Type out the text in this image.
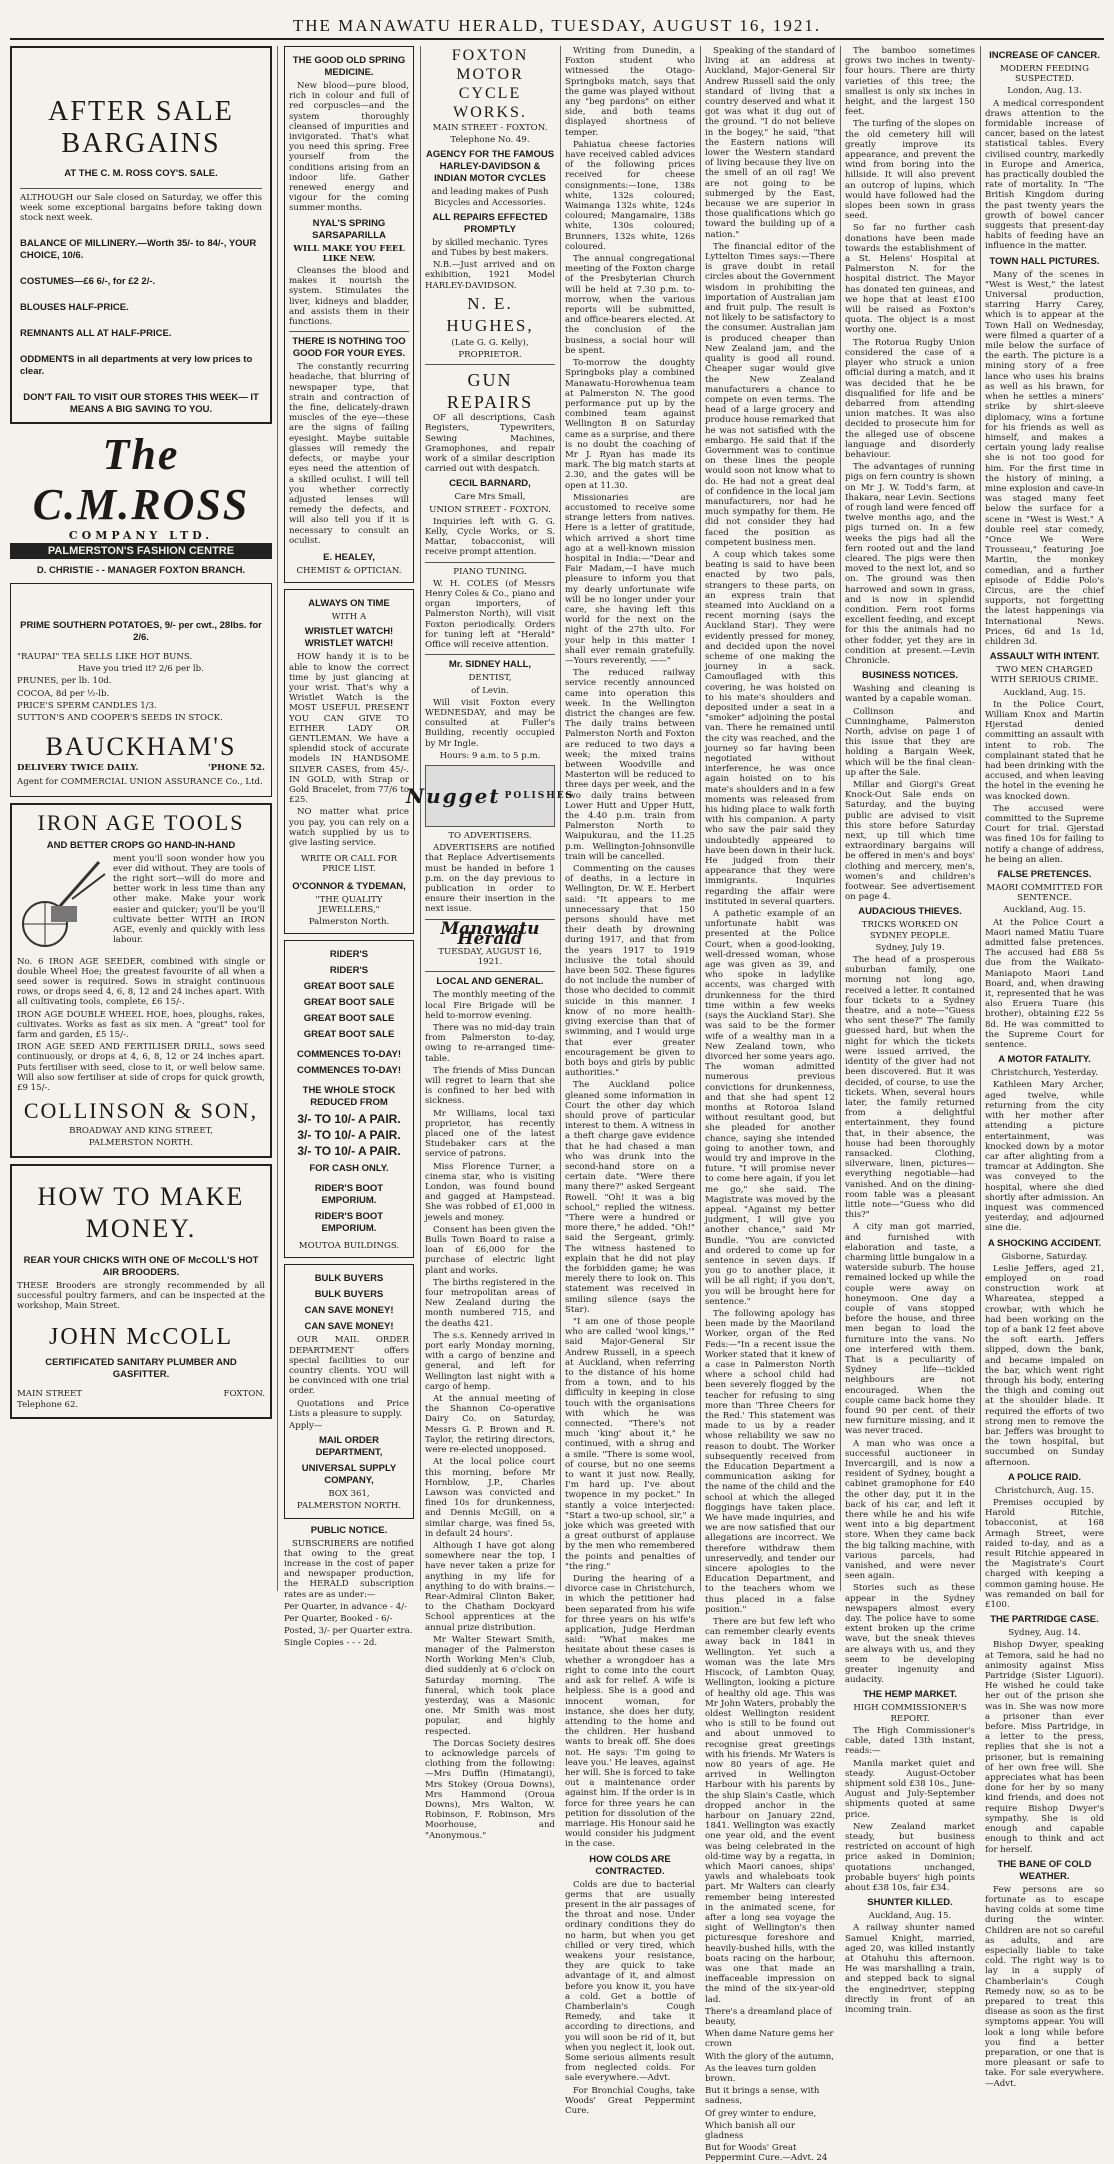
THE MANAWATU HERALD, TUESDAY, AUGUST 16, 1921.
AFTER SALE
BARGAINS
AT THE C. M. ROSS COY'S. SALE.

ALTHOUGH our Sale closed on Saturday, we offer this week some exceptional bargains before taking down stock next week.

BALANCE OF MILLINERY.—Worth 35/- to 84/-, YOUR CHOICE, 10/6.
COSTUMES—£6 6/-, for £2 2/-.
BLOUSES HALF-PRICE.
REMNANTS ALL AT HALF-PRICE.
ODDMENTS in all departments at very low prices to clear.
DON'T FAIL TO VISIT OUR STORES THIS WEEK— IT MEANS A BIG SAVING TO YOU.
The C.M.ROSS
COMPANY LTD.
PALMERSTON'S FASHION CENTRE
D. CHRISTIE - - MANAGER FOXTON BRANCH.
PRIME SOUTHERN POTATOES, 9/- per cwt., 28lbs. for 2/6.

"RAUPAI" TEA SELLS LIKE HOT BUNS.

Have you tried it? 2/6 per lb.

PRUNES, per lb. 10d.

COCOA, 8d per ½-lb.

PRICE'S SPERM CANDLES 1/3.

SUTTON'S AND COOPER'S SEEDS IN STOCK.

BAUCKHAM'S
DELIVERY TWICE DAILY.	'PHONE 52.

Agent for COMMERCIAL UNION ASSURANCE Co., Ltd.

IRON AGE TOOLS
AND BETTER CROPS GO HAND-IN-HAND

ment you'll soon wonder how you ever did without. They are tools of the right sort—will do more and better work in less time than any other make. Make your work easier and quicker; you'll be you'll cultivate better WITH an IRON AGE, evenly and quickly with less labour.

No. 6 IRON AGE SEEDER, combined with single or double Wheel Hoe; the greatest favourite of all when a seed sower is required. Sows in straight continuous rows, or drops seed 4, 6, 8, 12 and 24 inches apart. With all cultivating tools, complete, £6 15/-.

IRON AGE DOUBLE WHEEL HOE, hoes, ploughs, rakes, cultivates. Works as fast as six men. A "great" tool for farm and garden, £5 15/-.

IRON AGE SEED AND FERTILISER DRILL, sows seed continuously, or drops at 4, 6, 8, 12 or 24 inches apart. Puts fertiliser with seed, close to it, or well below same. Will also sow fertiliser at side of crops for quick growth, £9 15/-.

COLLINSON & SON,
BROADWAY AND KING STREET,
PALMERSTON NORTH.
HOW TO MAKE
MONEY.
REAR YOUR CHICKS WITH ONE OF McCOLL'S HOT AIR BROODERS.

THESE Brooders are strongly recommended by all successful poultry farmers, and can be inspected at the workshop, Main Street.

JOHN McCOLL
CERTIFICATED SANITARY PLUMBER AND GASFITTER.
MAIN STREET	FOXTON.

Telephone 62.

THE GOOD OLD SPRING MEDICINE.

New blood—pure blood, rich in colour and full of red corpuscles—and the system thoroughly cleansed of impurities and invigorated. That's what you need this spring. Free yourself from the conditions arising from an indoor life. Gather renewed energy and vigour for the coming summer months.

NYAL'S SPRING SARSAPARILLA
WILL MAKE YOU FEEL LIKE NEW.

Cleanses the blood and makes it nourish the system. Stimulates the liver, kidneys and bladder, and assists them in their functions.

THERE IS NOTHING TOO GOOD FOR YOUR EYES.

The constantly recurring headache, that blurring of newspaper type, that strain and contraction of the fine, delicately-drawn muscles of the eye—these are the signs of failing eyesight. Maybe suitable glasses will remedy the defects, or maybe your eyes need the attention of a skilled oculist. I will tell you whether correctly adjusted lenses will remedy the defects, and will also tell you if it is necessary to consult an oculist.

E. HEALEY,
CHEMIST & OPTICIAN.
ALWAYS ON TIME
WITH A
WRISTLET WATCH! WRISTLET WATCH!

HOW handy it is to be able to know the correct time by just glancing at your wrist. That's why a Wristlet Watch is the MOST USEFUL PRESENT YOU CAN GIVE TO EITHER LADY OR GENTLEMAN. We have a splendid stock of accurate models IN HANDSOME SILVER CASES, from 45/-. IN GOLD, with Strap or Gold Bracelet, from 77/6 to £25.

NO matter what price you pay, you can rely on a watch supplied by us to give lasting service.

WRITE OR CALL FOR PRICE LIST.
O'CONNOR & TYDEMAN,
"THE QUALITY JEWELLERS,"
Palmerston North.
RIDER'S
RIDER'S
GREAT BOOT SALE
GREAT BOOT SALE
GREAT BOOT SALE
GREAT BOOT SALE
COMMENCES TO-DAY!
COMMENCES TO-DAY!
THE WHOLE STOCK REDUCED FROM
3/- TO 10/- A PAIR.
3/- TO 10/- A PAIR.
3/- TO 10/- A PAIR.
FOR CASH ONLY.
RIDER'S BOOT EMPORIUM.
RIDER'S BOOT EMPORIUM.
MOUTOA BUILDINGS.
BULK BUYERS
BULK BUYERS
CAN SAVE MONEY!
CAN SAVE MONEY!

OUR MAIL ORDER DEPARTMENT offers special facilities to our country clients. YOU will be convinced with one trial order.

Quotations and Price Lists a pleasure to supply.

Apply—

MAIL ORDER DEPARTMENT,
UNIVERSAL SUPPLY COMPANY,
BOX 361,
PALMERSTON NORTH.
PUBLIC NOTICE.

SUBSCRIBERS are notified that owing to the great increase in the cost of paper and newspaper production, the HERALD subscription rates are as under:—

Per Quarter, in advance - 4/-

Per Quarter, Booked - 6/-

Posted, 3/- per Quarter extra.

Single Copies - - - 2d.

FOXTON
MOTOR CYCLE
WORKS.
MAIN STREET - FOXTON.
Telephone No. 49.
AGENCY FOR THE FAMOUS HARLEY-DAVIDSON & INDIAN MOTOR CYCLES

and leading makes of Push Bicycles and Accessories.

ALL REPAIRS EFFECTED PROMPTLY

by skilled mechanic. Tyres and Tubes by best makers.

N.B.—Just arrived and on exhibition, 1921 Model HARLEY-DAVIDSON.

N. E. HUGHES,
(Late G. G. Kelly),
PROPRIETOR.
GUN REPAIRS

OF all descriptions, Cash Registers, Typewriters, Sewing Machines, Gramophones, and repair work of a similar description carried out with despatch.

CECIL BARNARD,
Care Mrs Small,
UNION STREET - FOXTON.

Inquiries left with G. G. Kelly, Cycle Works, or S. Mattar, tobacconist, will receive prompt attention.

PIANO TUNING.

W. H. COLES (of Messrs Henry Coles & Co., piano and organ importers, of Palmerston North), will visit Foxton periodically. Orders for tuning left at "Herald" Office will receive attention.

Mr. SIDNEY HALL,
DENTIST,
of Levin.

Will visit Foxton every WEDNESDAY, and may be consulted at Fuller's Building, recently occupied by Mr Ingle.

Hours: 9 a.m. to 5 p.m.

Nugget POLISHES
TO ADVERTISERS.

ADVERTISERS are notified that Replace Advertisements must be handed in before 1 p.m. on the day previous to publication in order to ensure their insertion in the next issue.

Manawatu Herald
TUESDAY, AUGUST 16, 1921.
LOCAL AND GENERAL.

The monthly meeting of the local Fire Brigade will be held to-morrow evening.

There was no mid-day train from Palmerston to-day, owing to re-arranged time-table.

The friends of Miss Duncan will regret to learn that she is confined to her bed with sickness.

Mr Williams, local taxi proprietor, has recently placed one of the latest Studebaker cars at the service of patrons.

Miss Florence Turner, a cinema star, who is visiting London, was found bound and gagged at Hampstead. She was robbed of £1,000 in jewels and money.

Consent has been given the Bulls Town Board to raise a loan of £6,000 for the purchase of electric light plant and works.

The births registered in the four metropolitan areas of New Zealand during the month numbered 715, and the deaths 421.

The s.s. Kennedy arrived in port early Monday morning, with a cargo of benzine and general, and left for Wellington last night with a cargo of hemp.

At the annual meeting of the Shannon Co-operative Dairy Co. on Saturday, Messrs G. P. Brown and R. Taylor, the retiring directors, were re-elected unopposed.

At the local police court this morning, before Mr Hornblow, J.P., Charles Lawson was convicted and fined 10s for drunkenness, and Dennis McGill, on a similar charge, was fined 5s, in default 24 hours'.

Although I have got along somewhere near the top, I have never taken a prize for anything in my life for anything to do with brains.—Rear-Admiral Clinton Baker, to the Chatham Dockyard School apprentices at the annual prize distribution.

Mr Walter Stewart Smith, manager of the Palmerston North Working Men's Club, died suddenly at 6 o'clock on Saturday morning. The funeral, which took place yesterday, was a Masonic one. Mr Smith was most popular, and highly respected.

The Dorcas Society desires to acknowledge parcels of clothing from the following:—Mrs Duffin (Himatangi), Mrs Stokey (Oroua Downs), Mrs Hammond (Oroua Downs), Mrs Walton, W. Robinson, F. Robinson, Mrs Moorhouse, and "Anonymous."

Writing from Dunedin, a Foxton student who witnessed the Otago-Springboks match, says that the game was played without any "beg pardons" on either side, and both teams displayed shortness of temper.

Pahiatua cheese factories have received cabled advices of the following prices received for cheese consignments:—Ione, 138s white, 132s coloured; Waimanga 132s white, 124s coloured; Mangamaire, 138s white, 130s coloured; Brunners, 132s white, 126s coloured.

The annual congregational meeting of the Foxton charge of the Presbyterian Church will be held at 7.30 p.m. to-morrow, when the various reports will be submitted, and office-bearers elected. At the conclusion of the business, a social hour will be spent.

To-morrow the doughty Springboks play a combined Manawatu-Horowhenua team at Palmerston N. The good performance put up by the combined team against Wellington B on Saturday came as a surprise, and there is no doubt the coaching of Mr J. Ryan has made its mark. The big match starts at 2.30, and the gates will be open at 11.30.

Missionaries are accustomed to receive some strange letters from natives. Here is a letter of gratitude, which arrived a short time ago at a well-known mission hospital in India:—"Dear and Fair Madam,—I have much pleasure to inform you that my dearly unfortunate wife will be no longer under your care, she having left this world for the next on the night of the 27th ulto. For your help in this matter I shall ever remain gratefully.—Yours reverently, ——"

The reduced railway service recently announced came into operation this week. In the Wellington district the changes are few. The daily trains between Palmerston North and Foxton are reduced to two days a week; the mixed trains between Woodville and Masterton will be reduced to three days per week, and the two daily trains between Lower Hutt and Upper Hutt, the 4.40 p.m. train from Palmerston North to Waipukurau, and the 11.25 p.m. Wellington-Johnsonville train will be cancelled.

Commenting on the causes of deaths, in a lecture in Wellington, Dr. W. E. Herbert said: "It appears to me unnecessary that 150 persons should have met their death by drowning during 1917, and that from the years 1917 to 1919 inclusive the total should have been 502. These figures do not include the number of those who decided to commit suicide in this manner. I know of no more health-giving exercise than that of swimming, and I would urge that ever greater encouragement be given to both boys and girls by public authorities."

The Auckland police gleaned some information in Court the other day which should prove of particular interest to them. A witness in a theft charge gave evidence that he had chased a man who was drunk into the second-hand store on a certain date. "Were there many there?" asked Sergeant Rowell. "Oh! it was a big school," replied the witness. "There were a hundred or more there," he added. "Oh!" said the Sergeant, grimly. The witness hastened to explain that he did not play the forbidden game; he was merely there to look on. This statement was received in smiling silence (says the Star).

"I am one of those people who are called 'wool kings,'" said Major-General Sir Andrew Russell, in a speech at Auckland, when referring to the distance of his home from a town, and to his difficulty in keeping in close touch with the organisations with which he was connected. "There's not much 'king' about it," he continued, with a shrug and a smile. "There is some wool, of course, but no one seems to want it just now. Really, I'm hard up. I've about twopence in my pocket." In stantly a voice interjected: "Start a two-up school, sir," a joke which was greeted with a great outburst of applause by the men who remembered the points and penalties of "the ring."

During the hearing of a divorce case in Christchurch, in which the petitioner had been separated from his wife for three years on his wife's application, Judge Herdman said: "What makes me hesitate about these cases is whether a wrongdoer has a right to come into the court and ask for relief. A wife is helpless. She is a good and innocent woman, for instance, she does her duty, attending to the home and the children. Her husband wants to break off. She does not. He says: 'I'm going to leave you.' He leaves, against her will. She is forced to take out a maintenance order against him. If the order is in force for three years he can petition for dissolution of the marriage. His Honour said he would consider his judgment in the case.

HOW COLDS ARE CONTRACTED.

Colds are due to bacterial germs that are usually present in the air passages of the throat and nose. Under ordinary conditions they do no harm, but when you get chilled or very tired, which weakens your resistance, they are quick to take advantage of it, and almost before you know it, you have a cold. Get a bottle of Chamberlain's Cough Remedy, and take it according to directions, and you will soon be rid of it, but when you neglect it, look out. Some serious ailments result from neglected colds. For sale everywhere.—Advt.

For Bronchial Coughs, take Woods' Great Peppermint Cure.

Speaking of the standard of living at an address at Auckland, Major-General Sir Andrew Russell said the only standard of living that a country deserved and what it got was what it dug out of the ground. "I do not believe in the bogey," he said, "that the Eastern nations will lower the Western standard of living because they live on the smell of an oil rag! We are not going to be submerged by the East, because we are superior in those qualifications which go toward the building up of a nation."

The financial editor of the Lyttelton Times says:—There is grave doubt in retail circles about the Government wisdom in prohibiting the importation of Australian jam and fruit pulp. The result is not likely to be satisfactory to the consumer. Australian jam is produced cheaper than New Zealand jam, and the quality is good all round. Cheaper sugar would give the New Zealand manufacturers a chance to compete on even terms. The head of a large grocery and produce house remarked that he was not satisfied with the embargo. He said that if the Government was to continue on these lines the people would soon not know what to do. He had not a great deal of confidence in the local jam manufacturers, nor had he much sympathy for them. He did not consider they had faced the position as competent business men.

A coup which takes some beating is said to have been enacted by two pals, strangers to these parts, on an express train that steamed into Auckland on a recent morning (says the Auckland Star). They were evidently pressed for money, and decided upon the novel scheme of one making the journey in a sack. Camouflaged with this covering, he was hoisted on to his mate's shoulders and deposited under a seat in a "smoker" adjoining the postal van. There he remained until the city was reached, and the journey so far having been negotiated without interference, he was once again hoisted on to his mate's shoulders and in a few moments was released from his hiding place to walk forth with his companion. A party who saw the pair said they undoubtedly appeared to have been down in their luck. He judged from their appearance that they were immigrants. Inquiries regarding the affair were instituted in several quarters.

A pathetic example of an unfortunate habit was presented at the Police Court, when a good-looking, well-dressed woman, whose age was given as 39, and who spoke in ladylike accents, was charged with drunkenness for the third time within a few weeks (says the Auckland Star). She was said to be the former wife of a wealthy man in a New Zealand town, who divorced her some years ago. The woman admitted numerous previous convictions for drunkenness, and that she had spent 12 months at Rotoroa Island without resultant good, but she pleaded for another chance, saying she intended going to another town, and would try and improve in the future. "I will promise never to come here again, if you let me go," she said. The Magistrate was moved by the appeal. "Against my better judgment, I will give you another chance," said Mr Bundle. "You are convicted and ordered to come up for sentence in seven days. If you go to another place, it will be all right; if you don't, you will be brought here for sentence."

The following apology has been made by the Maoriland Worker, organ of the Red Feds:—"In a recent issue the Worker stated that it knew of a case in Palmerston North where a school child had been severely flogged by the teacher for refusing to sing more than 'Three Cheers for the Red.' This statement was made to us by a reader whose reliability we saw no reason to doubt. The Worker subsequently received from the Education Department a communication asking for the name of the child and the school at which the alleged floggings have taken place. We have made inquiries, and we are now satisfied that our allegations are incorrect. We therefore withdraw them unreservedly, and tender our sincere apologies to the Education Department, and to the teachers whom we thus placed in a false position."

There are but few left who can remember clearly events away back in 1841 in Wellington. Yet such a woman was the late Mrs Hiscock, of Lambton Quay, Wellington, looking a picture of healthy old age. This was Mr John Waters, probably the oldest Wellington resident who is still to be found out and about unmoved to recognise great greetings with his friends. Mr Waters is now 80 years of age. He arrived in Wellington Harbour with his parents by the ship Slain's Castle, which dropped anchor in the harbour on January 22nd, 1841. Wellington was exactly one year old, and the event was being celebrated in the old-time way by a regatta, in which Maori canoes, ships' yawls and whaleboats took part. Mr Walters can clearly remember being interested in the animated scene, for after a long sea voyage the sight of Wellington's then picturesque foreshore and heavily-bushed hills, with the boats racing on the harbour, was one that made an ineffaceable impression on the mind of the six-year-old lad.

There's a dreamland place of beauty,

When dame Nature gems her crown

With the glory of the autumn,

As the leaves turn golden brown.

But it brings a sense, with sadness,

Of grey winter to endure,

Which banish all our gladness

But for Woods' Great Peppermint Cure.—Advt. 24

The bamboo sometimes grows two inches in twenty-four hours. There are thirty varieties of this tree; the smallest is only six inches in height, and the largest 150 feet.

The turfing of the slopes on the old cemetery hill will greatly improve its appearance, and prevent the wind from boring into the hillside. It will also prevent an outcrop of lupins, which would have followed had the slopes been sown in grass seed.

So far no further cash donations have been made towards the establishment of a St. Helens' Hospital at Palmerston N. for the hospital district. The Mayor has donated ten guineas, and we hope that at least £100 will be raised as Foxton's quota. The object is a most worthy one.

The Rotorua Rugby Union considered the case of a player who struck a union official during a match, and it was decided that he be disqualified for life and be debarred from attending union matches. It was also decided to prosecute him for the alleged use of obscene language and disorderly behaviour.

The advantages of running pigs on fern country is shown on Mr J. W. Todd's farm, at Ihakara, near Levin. Sections of rough land were fenced off twelve months ago, and the pigs turned on. In a few weeks the pigs had all the fern rooted out and the land cleared. The pigs were then moved to the next lot, and so on. The ground was then harrowed and sown in grass, and is now in splendid condition. Fern root forms excellent feeding, and except for this the animals had no other fodder, yet they are in condition at present.—Levin Chronicle.

BUSINESS NOTICES.

Washing and cleaning is wanted by a capable woman.

Collinson and Cunninghame, Palmerston North, advise on page 1 of this issue that they are holding a Bargain Week, which will be the final clean-up after the Sale.

Millar and Giorgi's Great Knock-Out Sale ends on Saturday, and the buying public are advised to visit this store before Saturday next, up till which time extraordinary bargains will be offered in men's and boys' clothing and mercery, men's, women's and children's footwear. See advertisement on page 4.

AUDACIOUS THIEVES.
TRICKS WORKED ON SYDNEY PEOPLE.

Sydney, July 19.

The head of a prosperous suburban family, one morning not long ago, received a letter. It contained four tickets to a Sydney theatre, and a note—"Guess who sent these?" The family guessed hard, but when the night for which the tickets were issued arrived, the identity of the giver had not been discovered. But it was decided, of course, to use the tickets. When, several hours later, the family returned from a delightful entertainment, they found that, in their absence, the house had been thoroughly ransacked. Clothing, silverware, linen, pictures—everything negotiable—had vanished. And on the dining-room table was a pleasant little note—"Guess who did this?"

A city man got married, and furnished with elaboration and taste, a charming little bungalow in a waterside suburb. The house remained locked up while the couple were away on honeymoon. One day a couple of vans stopped before the house, and three men began to load the furniture into the vans. No one interfered with them. That is a peculiarity of Sydney life—tickled neighbours are not encouraged. When the couple came back home they found 90 per cent. of their new furniture missing, and it was never traced.

A man who was once a successful auctioneer in Invercargill, and is now a resident of Sydney, bought a cabinet gramophone for £40 the other day, put it in the back of his car, and left it there while he and his wife went into a big department store. When they came back the big talking machine, with various parcels, had vanished, and were never seen again.

Stories such as these appear in the Sydney newspapers almost every day. The police have to some extent broken up the crime wave, but the sneak thieves are always with us, and they seem to be developing greater ingenuity and audacity.

THE HEMP MARKET.
HIGH COMMISSIONER'S REPORT.

The High Commissioner's cable, dated 13th instant, reads:—

Manila market quiet and steady. August-October shipment sold £38 10s., June-August and July-September shipments quoted at same price.

New Zealand market steady, but business restricted on account of high price asked in Dominion; quotations unchanged, probable buyers' high points about £38 10s, fair £34.

SHUNTER KILLED.

Auckland, Aug. 15.

A railway shunter named Samuel Knight, married, aged 20, was killed instantly at Otahuhu this afternoon. He was marshalling a train, and stepped back to signal the enginedriver, stepping directly in front of an incoming train.

INCREASE OF CANCER.
MODERN FEEDING SUSPECTED.

London, Aug. 13.

A medical correspondent draws attention to the formidable increase of cancer, based on the latest statistical tables. Every civilised country, markedly in Europe and America, has practically doubled the rate of mortality. In "The British Kingdom during the past twenty years the growth of bowel cancer suggests that present-day habits of feeding have an influence in the matter.

TOWN HALL PICTURES.

Many of the scenes in "West is West," the latest Universal production, starring Harry Carey, which is to appear at the Town Hall on Wednesday, were filmed a quarter of a mile below the surface of the earth. The picture is a mining story of a free lance who uses his brains as well as his brawn, for when he settles a miners' strike by shirt-sleeve diplomacy, wins a fortune for his friends as well as himself, and makes a certain young lady realise she is not too good for him. For the first time in the history of mining, a mine explosion and cave-in was staged many feet below the surface for a scene in "West is West." A double reel star comedy, "Once We Were Trousseau," featuring Joe Martin, the monkey comedian, and a further episode of Eddie Polo's Circus, are the chief supports, not forgetting the latest happenings via International News. Prices, 6d and 1s 1d, children 3d.

ASSAULT WITH INTENT.
TWO MEN CHARGED WITH SERIOUS CRIME.

Auckland, Aug. 15.

In the Police Court, William Knox and Martin Hjerstad denied committing an assault with intent to rob. The complainant stated that he had been drinking with the accused, and when leaving the hotel in the evening he was knocked down.

The accused were committed to the Supreme Court for trial. Gjerstad was fined 10s for failing to notify a change of address, he being an alien.

FALSE PRETENCES.
MAORI COMMITTED FOR SENTENCE.

Auckland, Aug. 15.

At the Police Court a Maori named Matiu Tuare admitted false pretences. The accused had £88 5s due from the Waikato-Maniapoto Maori Land Board, and, when drawing it, represented that he was also Eruera Tuare (his brother), obtaining £22 5s 8d. He was committed to the Supreme Court for sentence.

A MOTOR FATALITY.

Christchurch, Yesterday.

Kathleen Mary Archer, aged twelve, while returning from the city with her mother after attending a picture entertainment, was knocked down by a motor car after alighting from a tramcar at Addington. She was conveyed to the hospital, where she died shortly after admission. An inquest was commenced yesterday, and adjourned sine die.

A SHOCKING ACCIDENT.

Gisborne, Saturday.

Leslie Jeffers, aged 21, employed on road construction work at Whareatea, stepped a crowbar, with which he had been working on the top of a bank 12 feet above the soft earth. Jeffers slipped, down the bank, and became impaled on the bar, which went right through his body, entering the thigh and coming out at the shoulder blade. It required the efforts of two strong men to remove the bar. Jeffers was brought to the town hospital, but succumbed on Sunday afternoon.

A POLICE RAID.

Christchurch, Aug. 15.

Premises occupied by Harold Ritchie, tobacconist, at 168 Armagh Street, were raided to-day, and as a result Ritchie appeared in the Magistrate's Court charged with keeping a common gaming house. He was remanded on bail for £100.

THE PARTRIDGE CASE.

Sydney, Aug. 14.

Bishop Dwyer, speaking at Temora, said he had no animosity against Miss Partridge (Sister Liguori). He wished he could take her out of the prison she was in. She was now more a prisoner than ever before. Miss Partridge, in a letter to the press, replies that she is not a prisoner, but is remaining of her own free will. She appreciates what has been done for her by so many kind friends, and does not require Bishop Dwyer's sympathy. She is old enough and capable enough to think and act for herself.

THE BANE OF COLD WEATHER.

Few persons are so fortunate as to escape having colds at some time during the winter. Children are not so careful as adults, and are especially liable to take cold. The right way is to lay in a supply of Chamberlain's Cough Remedy now, so as to be prepared to treat this disease as soon as the first symptoms appear. You will look a long while before you find a better preparation, or one that is more pleasant or safe to take. For sale everywhere.—Advt.
